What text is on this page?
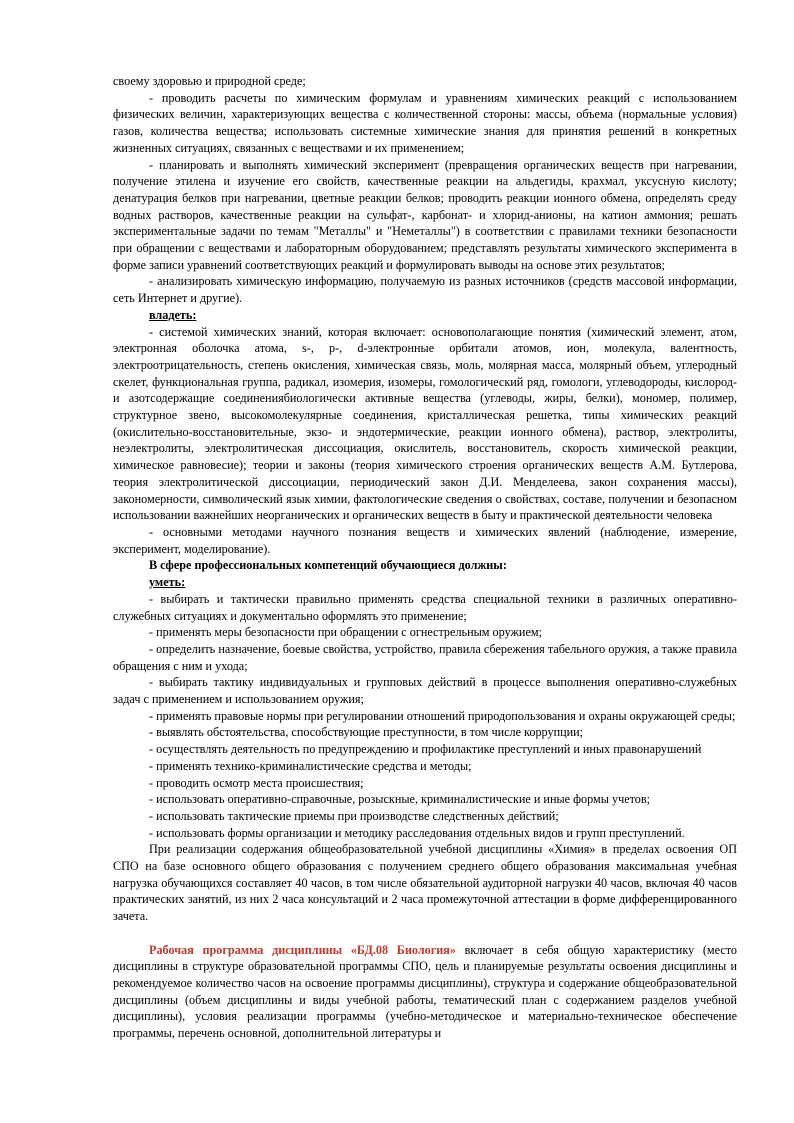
своему здоровью и природной среде;

- проводить расчеты по химическим формулам и уравнениям химических реакций с использованием физических величин, характеризующих вещества с количественной стороны: массы, объема (нормальные условия) газов, количества вещества; использовать системные химические знания для принятия решений в конкретных жизненных ситуациях, связанных с веществами и их применением;

- планировать и выполнять химический эксперимент (превращения органических веществ при нагревании, получение этилена и изучение его свойств, качественные реакции на альдегиды, крахмал, уксусную кислоту; денатурация белков при нагревании, цветные реакции белков; проводить реакции ионного обмена, определять среду водных растворов, качественные реакции на сульфат-, карбонат- и хлорид-анионы, на катион аммония; решать экспериментальные задачи по темам "Металлы" и "Неметаллы") в соответствии с правилами техники безопасности при обращении с веществами и лабораторным оборудованием; представлять результаты химического эксперимента в форме записи уравнений соответствующих реакций и формулировать выводы на основе этих результатов;

- анализировать химическую информацию, получаемую из разных источников (средств массовой информации, сеть Интернет и другие).

владеть:

- системой химических знаний, которая включает: основополагающие понятия (химический элемент, атом, электронная оболочка атома, s-, p-, d-электронные орбитали атомов, ион, молекула, валентность, электроотрицательность, степень окисления, химическая связь, моль, молярная масса, молярный объем, углеродный скелет, функциональная группа, радикал, изомерия, изомеры, гомологический ряд, гомологи, углеводороды, кислород- и азотсодержащие соединениябиологически активные вещества (углеводы, жиры, белки), мономер, полимер, структурное звено, высокомолекулярные соединения, кристаллическая решетка, типы химических реакций (окислительно-восстановительные, экзо- и эндотермические, реакции ионного обмена), раствор, электролиты, неэлектролиты, электролитическая диссоциация, окислитель, восстановитель, скорость химической реакции, химическое равновесие); теории и законы (теория химического строения органических веществ А.М. Бутлерова, теория электролитической диссоциации, периодический закон Д.И. Менделеева, закон сохранения массы), закономерности, символический язык химии, фактологические сведения о свойствах, составе, получении и безопасном использовании важнейших неорганических и органических веществ в быту и практической деятельности человека

- основными методами научного познания веществ и химических явлений (наблюдение, измерение, эксперимент, моделирование).

В сфере профессиональных компетенций обучающиеся должны:

уметь:

- выбирать и тактически правильно применять средства специальной техники в различных оперативно-служебных ситуациях и документально оформлять это применение;

- применять меры безопасности при обращении с огнестрельным оружием;

- определить назначение, боевые свойства, устройство, правила сбережения табельного оружия, а также правила обращения с ним и ухода;

- выбирать тактику индивидуальных и групповых действий в процессе выполнения оперативно-служебных задач с применением и использованием оружия;

- применять правовые нормы при регулировании отношений природопользования и охраны окружающей среды;

- выявлять обстоятельства, способствующие преступности, в том числе коррупции;

- осуществлять деятельность по предупреждению и профилактике преступлений и иных правонарушений

- применять технико-криминалистические средства и методы;

- проводить осмотр места происшествия;

- использовать оперативно-справочные, розыскные, криминалистические и иные формы учетов;

- использовать тактические приемы при производстве следственных действий;

- использовать формы организации и методику расследования отдельных видов и групп преступлений.

При реализации содержания общеобразовательной учебной дисциплины «Химия» в пределах освоения ОП СПО на базе основного общего образования с получением среднего общего образования максимальная учебная нагрузка обучающихся составляет 40 часов, в том числе обязательной аудиторной нагрузки 40 часов, включая 40 часов практических занятий, из них 2 часа консультаций и 2 часа промежуточной аттестации в форме дифференцированного зачета.

Рабочая программа дисциплины «БД.08 Биология» включает в себя общую характеристику (место дисциплины в структуре образовательной программы СПО, цель и планируемые результаты освоения дисциплины и рекомендуемое количество часов на освоение программы дисциплины), структура и содержание общеобразовательной дисциплины (объем дисциплины и виды учебной работы, тематический план с содержанием разделов учебной дисциплины), условия реализации программы (учебно-методическое и материально-техническое обеспечение программы, перечень основной, дополнительной литературы и
